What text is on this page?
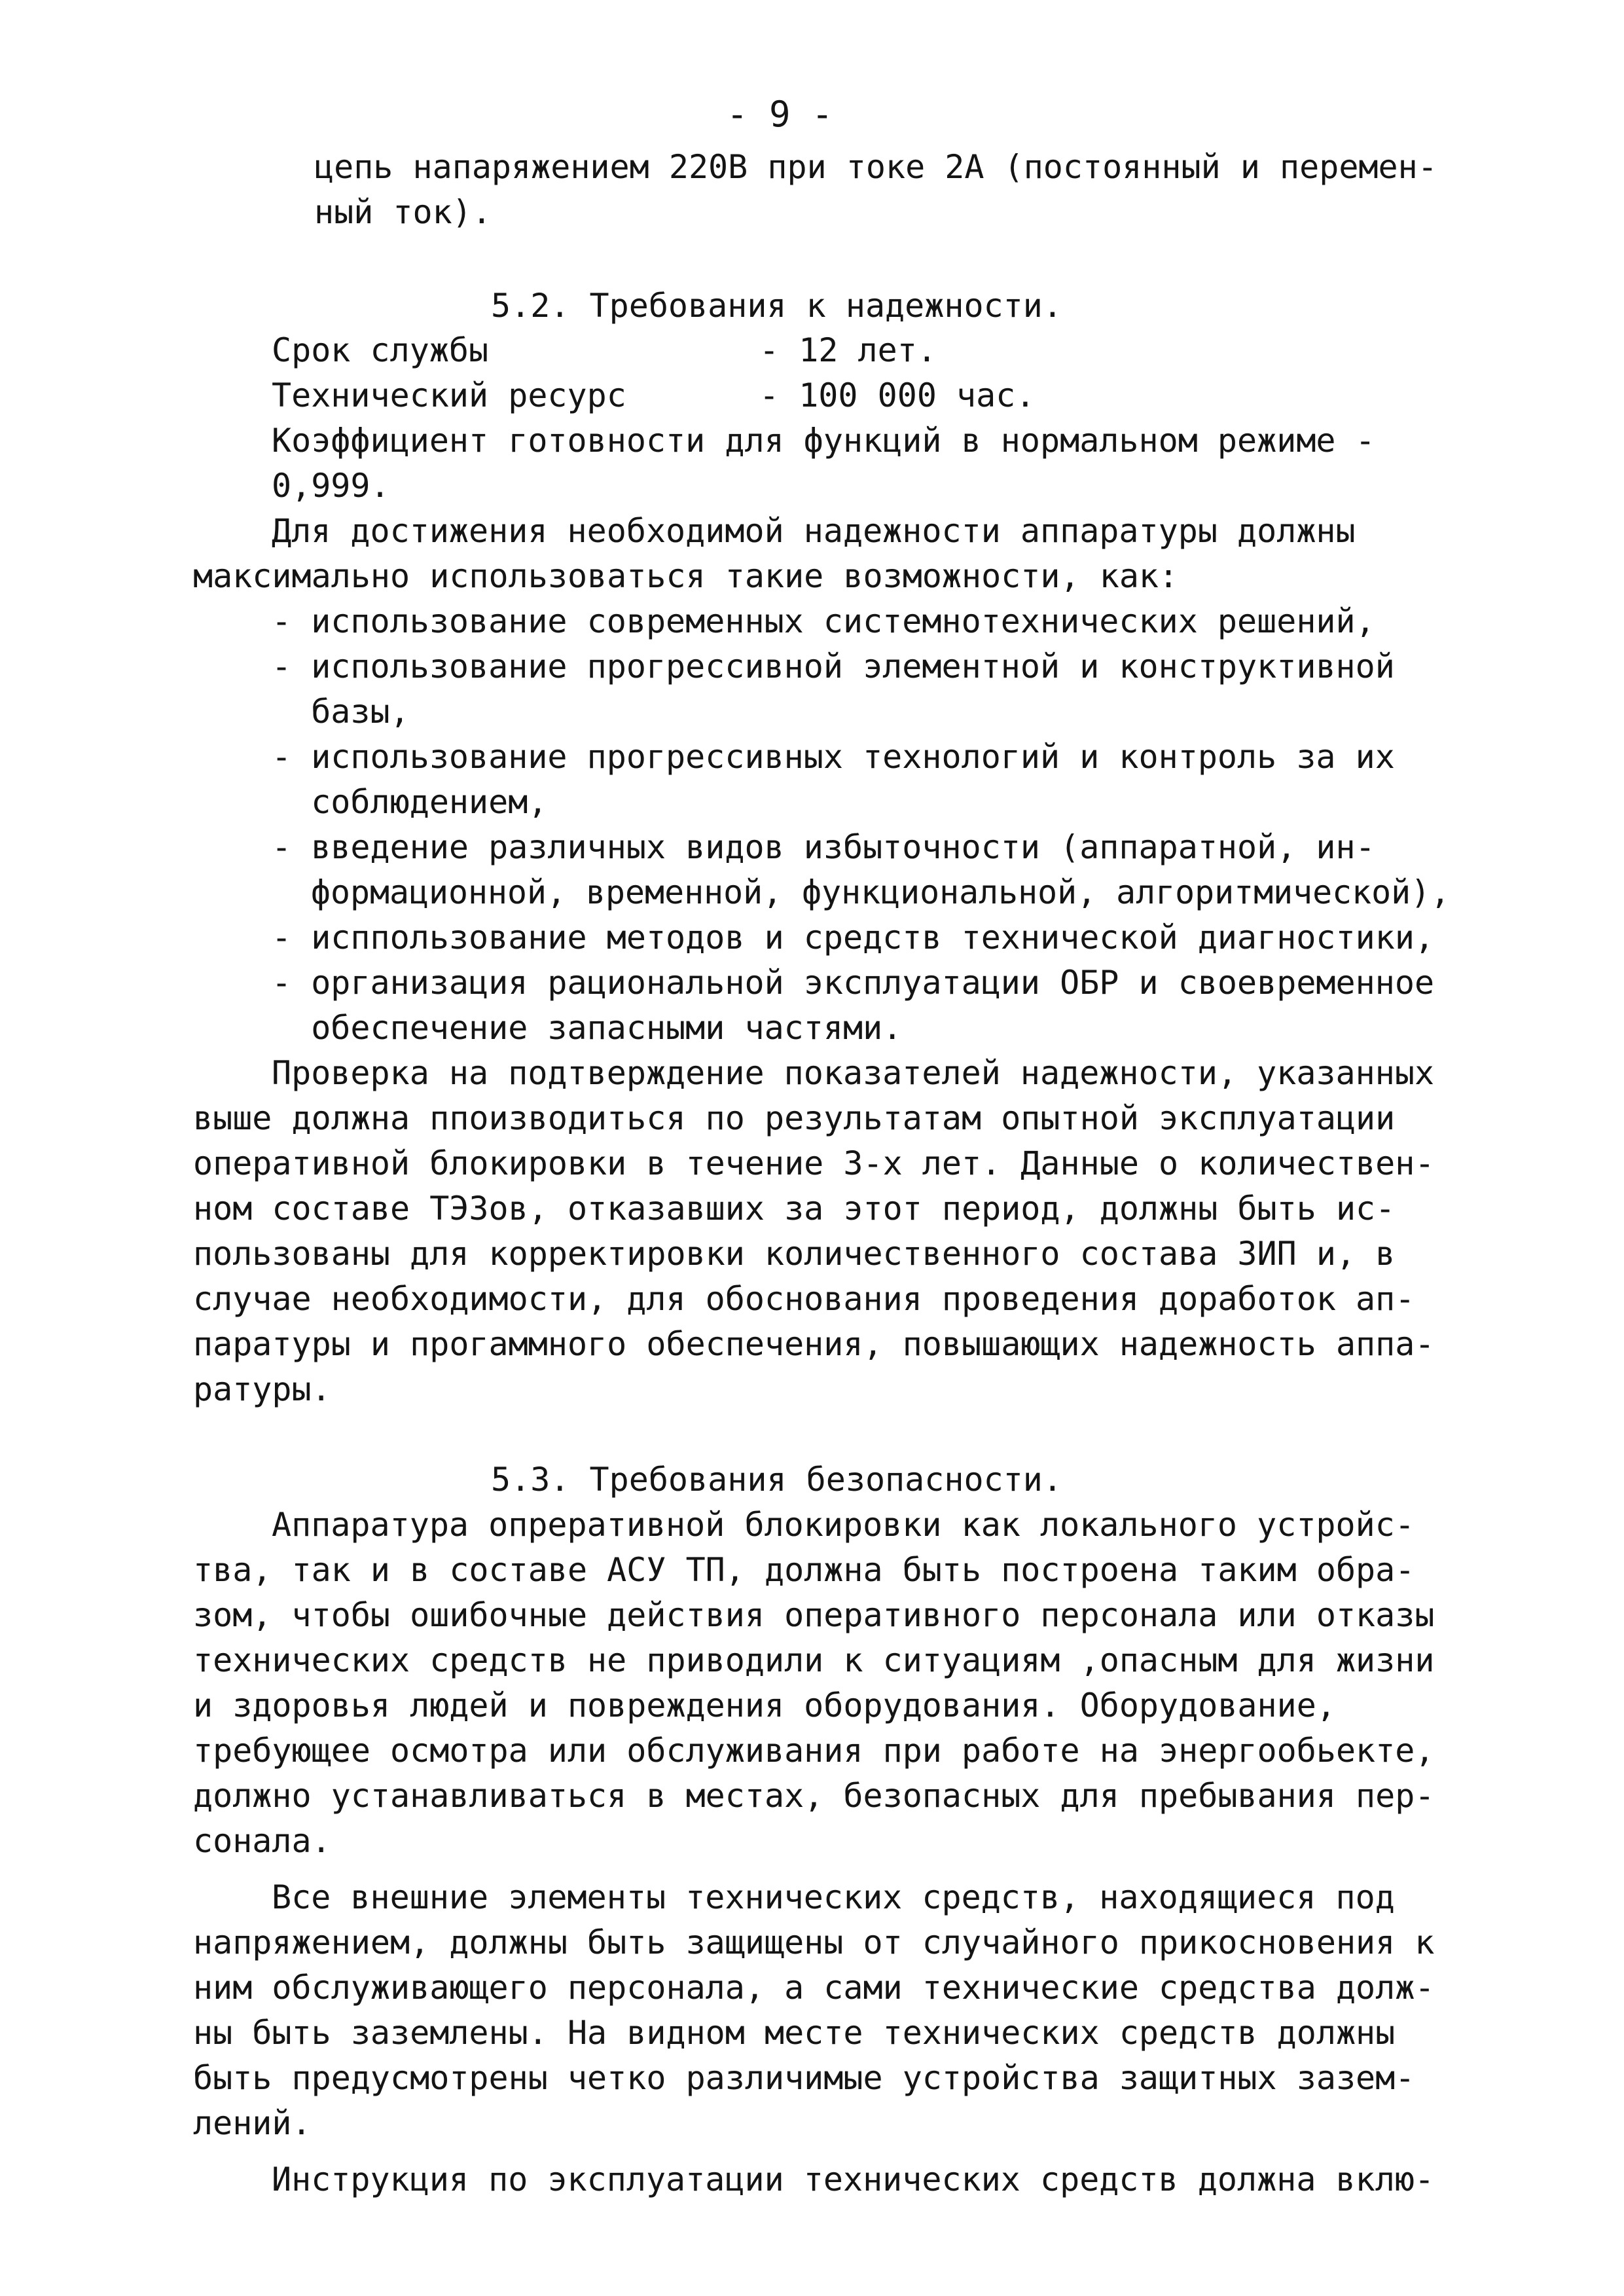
- 9 -
цепь напаряжением 220В при токе 2А (постоянный и перемен-
ный ток).
5.2. Требования к надежности.
Срок службы	- 12 лет.
Технический ресурс	- 100 000 час.
Коэффициент готовности для функций в нормальном режиме -
0,999.
Для достижения необходимой надежности аппаратуры должны
максимально использоваться такие возможности, как:
- использование современных системнотехнических решений,
- использование прогрессивной элементной и конструктивной
базы,
- использование прогрессивных технологий и контроль за их
соблюдением,
- введение различных видов избыточности (аппаратной, ин-
формационной, временной, функциональной, алгоритмической),
- исппользование методов и средств технической диагностики,
- организация рациональной эксплуатации ОБР и своевременное
обеспечение запасными частями.
Проверка на подтверждение показателей надежности, указанных
выше должна ппоизводиться по результатам опытной эксплуатации
оперативной блокировки в течение 3-х лет. Данные о количествен-
ном составе ТЭЗов, отказавших за этот период, должны быть ис-
пользованы для корректировки количественного состава ЗИП и, в
случае необходимости, для обоснования проведения доработок ап-
паратуры и прогаммного обеспечения, повышающих надежность аппа-
ратуры.
5.3. Требования безопасности.
Аппаратура опреративной блокировки как локального устройс-
тва, так и в составе АСУ ТП, должна быть построена таким обра-
зом, чтобы ошибочные действия оперативного персонала или отказы
технических средств не приводили к ситуациям ,опасным для жизни
и здоровья людей и повреждения оборудования. Оборудование,
требующее осмотра или обслуживания при работе на энергообьекте,
должно устанавливаться в местах, безопасных для пребывания пер-
сонала.
Все внешние элементы технических средств, находящиеся под
напряжением, должны быть защищены от случайного прикосновения к
ним обслуживающего персонала, а сами технические средства долж-
ны быть заземлены. На видном месте технических средств должны
быть предусмотрены четко различимые устройства защитных зазем-
лений.
Инструкция по эксплуатации технических средств должна вклю-
